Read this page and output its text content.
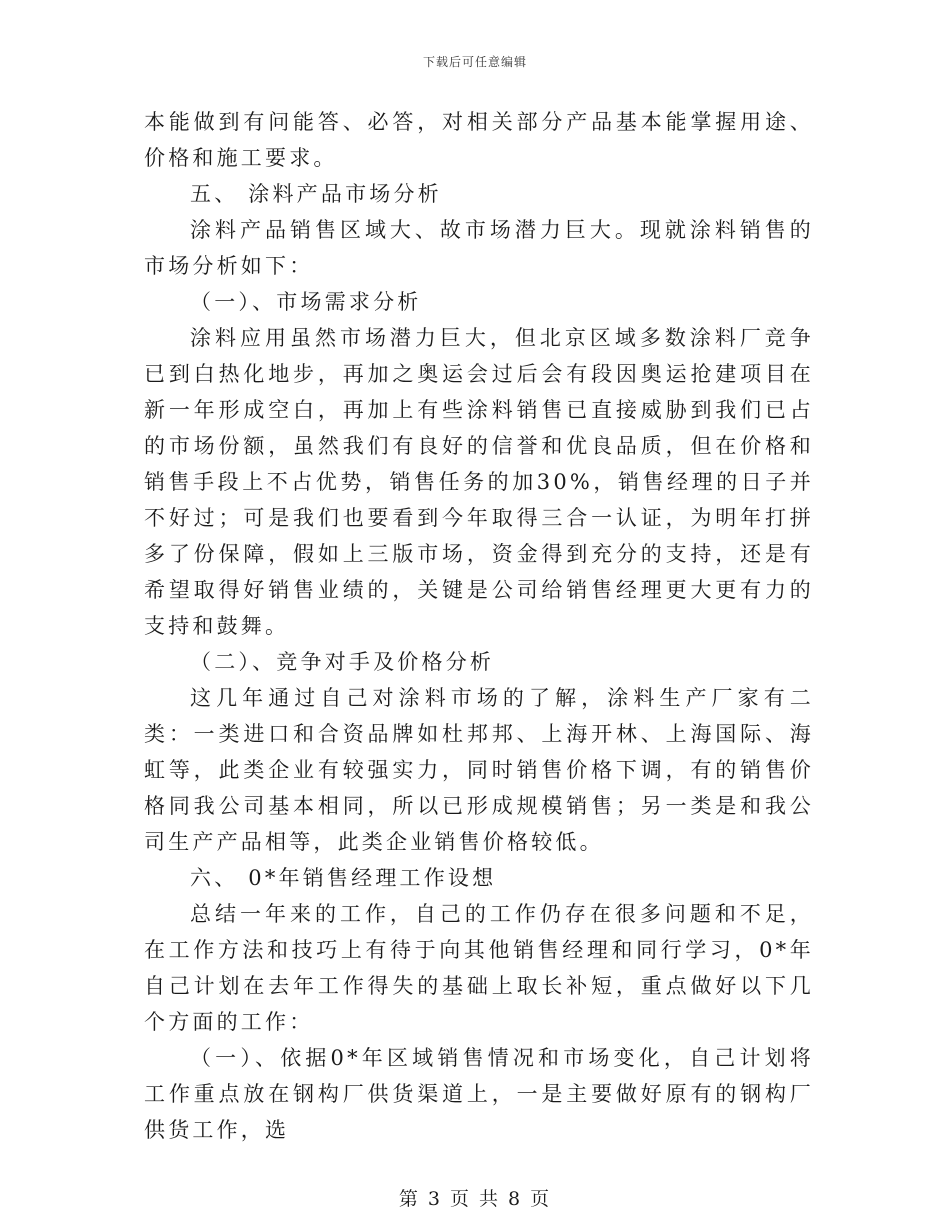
下载后可任意编辑

本能做到有问能答、必答，对相关部分产品基本能掌握用途、价格和施工要求。

五、 涂料产品市场分析

涂料产品销售区域大、故市场潜力巨大。现就涂料销售的市场分析如下：

（一）、市场需求分析

涂料应用虽然市场潜力巨大，但北京区域多数涂料厂竞争已到白热化地步，再加之奥运会过后会有段因奥运抢建项目在新一年形成空白，再加上有些涂料销售已直接威胁到我们已占的市场份额，虽然我们有良好的信誉和优良品质，但在价格和销售手段上不占优势，销售任务的加30%，销售经理的日子并不好过；可是我们也要看到今年取得三合一认证，为明年打拼多了份保障，假如上三版市场，资金得到充分的支持，还是有希望取得好销售业绩的，关键是公司给销售经理更大更有力的支持和鼓舞。

（二）、竞争对手及价格分析

这几年通过自己对涂料市场的了解，涂料生产厂家有二类：一类进口和合资品牌如杜邦邦、上海开林、上海国际、海虹等，此类企业有较强实力，同时销售价格下调，有的销售价格同我公司基本相同，所以已形成规模销售；另一类是和我公司生产产品相等，此类企业销售价格较低。

六、 0*年销售经理工作设想

总结一年来的工作，自己的工作仍存在很多问题和不足，在工作方法和技巧上有待于向其他销售经理和同行学习，0*年自己计划在去年工作得失的基础上取长补短，重点做好以下几个方面的工作：

（一）、依据0*年区域销售情况和市场变化，自己计划将工作重点放在钢构厂供货渠道上，一是主要做好原有的钢构厂供货工作，选

第 3 页 共 8 页
